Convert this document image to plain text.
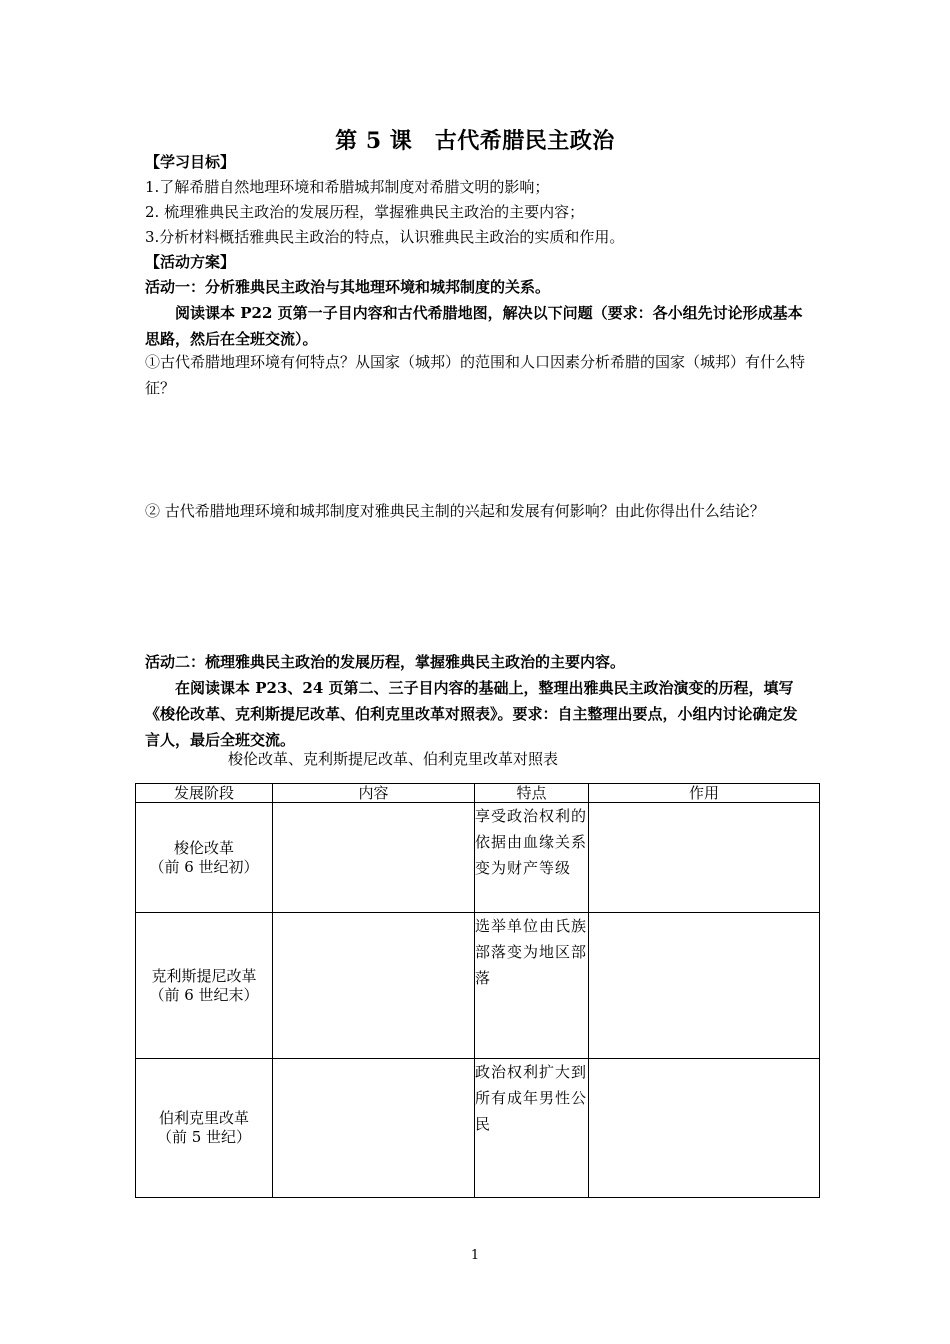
第 5 课　古代希腊民主政治
【学习目标】
1.了解希腊自然地理环境和希腊城邦制度对希腊文明的影响；
2. 梳理雅典民主政治的发展历程，掌握雅典民主政治的主要内容；
3.分析材料概括雅典民主政治的特点，认识雅典民主政治的实质和作用。
【活动方案】
活动一：分析雅典民主政治与其地理环境和城邦制度的关系。
阅读课本 P22 页第一子目内容和古代希腊地图，解决以下问题（要求：各小组先讨论形成基本思路，然后在全班交流）。
①古代希腊地理环境有何特点？从国家（城邦）的范围和人口因素分析希腊的国家（城邦）有什么特征？
② 古代希腊地理环境和城邦制度对雅典民主制的兴起和发展有何影响？由此你得出什么结论？
活动二：梳理雅典民主政治的发展历程，掌握雅典民主政治的主要内容。
在阅读课本 P23、24 页第二、三子目内容的基础上，整理出雅典民主政治演变的历程，填写《梭伦改革、克利斯提尼改革、伯利克里改革对照表》。要求：自主整理出要点，小组内讨论确定发言人，最后全班交流。
梭伦改革、克利斯提尼改革、伯利克里改革对照表
发展阶段	内容	特点	作用

梭伦改革
（前 6 世纪初）		享受政治权利的依据由血缘关系变为财产等级	

克利斯提尼改革
（前 6 世纪末）		选举单位由氏族部落变为地区部落	

伯利克里改革
（前 5 世纪）		政治权利扩大到所有成年男性公民	
1
